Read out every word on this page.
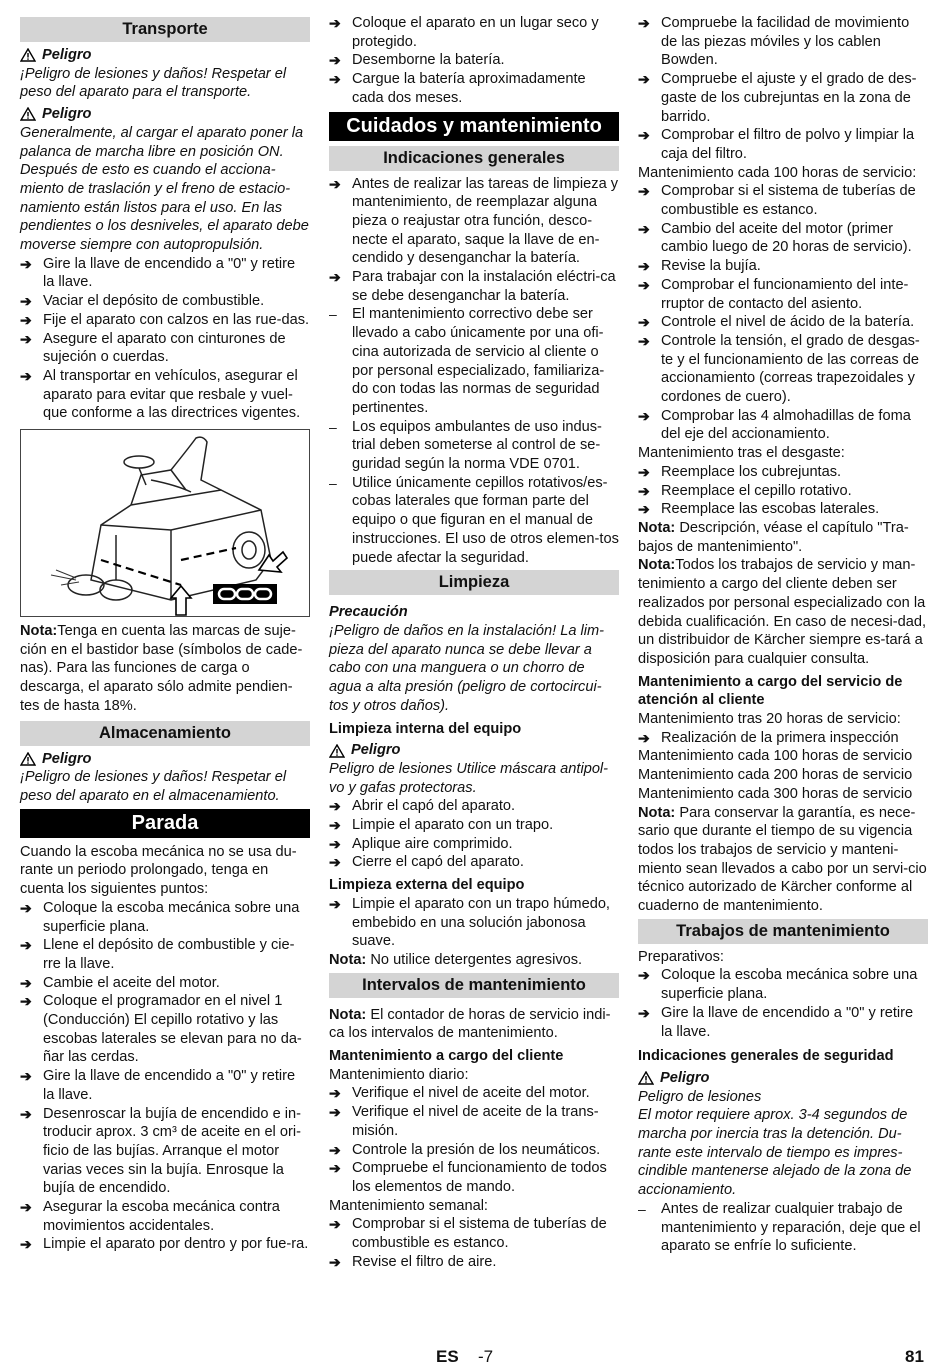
Transporte
Peligro

¡Peligro de lesiones y daños! Respetar el peso del aparato para el transporte.

Peligro

Generalmente, al cargar el aparato poner la palanca de marcha libre en posición ON. Después de esto es cuando el acciona-miento de traslación y el freno de estacio-namiento están listos para el uso. En las pendientes o los desniveles, el aparato debe moverse siempre con autopropulsión.

➔ Gire la llave de encendido a "0" y retire la llave.
➔ Vaciar el depósito de combustible.
➔ Fije el aparato con calzos en las rue-das.
➔ Asegure el aparato con cinturones de sujeción o cuerdas.
➔ Al transportar en vehículos, asegurar el aparato para evitar que resbale y vuel-que conforme a las directrices vigentes.

Nota:Tenga en cuenta las marcas de suje-ción en el bastidor base (símbolos de cade-nas). Para las funciones de carga o descarga, el aparato sólo admite pendien-tes de hasta 18%.

Almacenamiento
Peligro

¡Peligro de lesiones y daños! Respetar el peso del aparato en el almacenamiento.

Parada

Cuando la escoba mecánica no se usa du-rante un periodo prolongado, tenga en cuenta los siguientes puntos:

➔ Coloque la escoba mecánica sobre una superficie plana.
➔ Llene el depósito de combustible y cie-rre la llave.
➔ Cambie el aceite del motor.
➔ Coloque el programador en el nivel 1 (Conducción) El cepillo rotativo y las escobas laterales se elevan para no da-ñar las cerdas.
➔ Gire la llave de encendido a "0" y retire la llave.
➔ Desenroscar la bujía de encendido e in-troducir aprox. 3 cm³ de aceite en el ori-ficio de las bujías. Arranque el motor varias veces sin la bujía. Enrosque la bujía de encendido.
➔ Asegurar la escoba mecánica contra movimientos accidentales.
➔ Limpie el aparato por dentro y por fue-ra.
➔ Coloque el aparato en un lugar seco y protegido.
➔ Desemborne la batería.
➔ Cargue la batería aproximadamente cada dos meses.
Cuidados y mantenimiento
Indicaciones generales
➔ Antes de realizar las tareas de limpieza y mantenimiento, de reemplazar alguna pieza o reajustar otra función, desco-necte el aparato, saque la llave de en-cendido y desenganchar la batería.
➔ Para trabajar con la instalación eléctri-ca se debe desenganchar la batería.
–	El mantenimiento correctivo debe ser llevado a cabo únicamente por una ofi-cina autorizada de servicio al cliente o por personal especializado, familiariza-do con todas las normas de seguridad pertinentes.
–	Los equipos ambulantes de uso indus-trial deben someterse al control de se-guridad según la norma VDE 0701.
–	Utilice únicamente cepillos rotativos/es-cobas laterales que forman parte del equipo o que figuran en el manual de instrucciones. El uso de otros elemen-tos puede afectar la seguridad.
Limpieza

Precaución

¡Peligro de daños en la instalación! La lim-pieza del aparato nunca se debe llevar a cabo con una manguera o un chorro de agua a alta presión (peligro de cortocircui-tos y otros daños).

Limpieza interna del equipo

Peligro

Peligro de lesiones Utilice máscara antipol-vo y gafas protectoras.

➔ Abrir el capó del aparato.
➔ Limpie el aparato con un trapo.
➔ Aplique aire comprimido.
➔ Cierre el capó del aparato.

Limpieza externa del equipo

➔ Limpie el aparato con un trapo húmedo, embebido en una solución jabonosa suave.

Nota: No utilice detergentes agresivos.

Intervalos de mantenimiento

Nota: El contador de horas de servicio indi-ca los intervalos de mantenimiento.

Mantenimiento a cargo del cliente

Mantenimiento diario:

➔ Verifique el nivel de aceite del motor.
➔ Verifique el nivel de aceite de la trans-misión.
➔ Controle la presión de los neumáticos.
➔ Compruebe el funcionamiento de todos los elementos de mando.

Mantenimiento semanal:

➔ Comprobar si el sistema de tuberías de combustible es estanco.
➔ Revise el filtro de aire.
➔ Compruebe la facilidad de movimiento de las piezas móviles y los cablen Bowden.
➔ Compruebe el ajuste y el grado de des-gaste de los cubrejuntas en la zona de barrido.
➔ Comprobar el filtro de polvo y limpiar la caja del filtro.

Mantenimiento cada 100 horas de servicio:

➔ Comprobar si el sistema de tuberías de combustible es estanco.
➔ Cambio del aceite del motor (primer cambio luego de 20 horas de servicio).
➔ Revise la bujía.
➔ Comprobar el funcionamiento del inte-rruptor de contacto del asiento.
➔ Controle el nivel de ácido de la batería.
➔ Controle la tensión, el grado de desgas-te y el funcionamiento de las correas de accionamiento (correas trapezoidales y cordones de cuero).
➔ Comprobar las 4 almohadillas de foma del eje del accionamiento.

Mantenimiento tras el desgaste:

➔ Reemplace los cubrejuntas.
➔ Reemplace el cepillo rotativo.
➔ Reemplace las escobas laterales.

Nota: Descripción, véase el capítulo "Tra-bajos de mantenimiento".

Nota:Todos los trabajos de servicio y man-tenimiento a cargo del cliente deben ser realizados por personal especializado con la debida cualificación. En caso de necesi-dad, un distribuidor de Kärcher siempre es-tará a disposición para cualquier consulta.

Mantenimiento a cargo del servicio de atención al cliente

Mantenimiento tras 20 horas de servicio:

➔ Realización de la primera inspección

Mantenimiento cada 100 horas de servicio

Mantenimiento cada 200 horas de servicio

Mantenimiento cada 300 horas de servicio

Nota: Para conservar la garantía, es nece-sario que durante el tiempo de su vigencia todos los trabajos de servicio y manteni-miento sean llevados a cabo por un servi-cio técnico autorizado de Kärcher conforme al cuaderno de mantenimiento.

Trabajos de mantenimiento

Preparativos:

➔ Coloque la escoba mecánica sobre una superficie plana.
➔ Gire la llave de encendido a "0" y retire la llave.

Indicaciones generales de seguridad

Peligro

Peligro de lesiones

El motor requiere aprox. 3-4 segundos de marcha por inercia tras la detención. Du-rante este intervalo de tiempo es impres-cindible mantenerse alejado de la zona de accionamiento.

–	Antes de realizar cualquier trabajo de mantenimiento y reparación, deje que el aparato se enfríe lo suficiente.
ES -7	81
